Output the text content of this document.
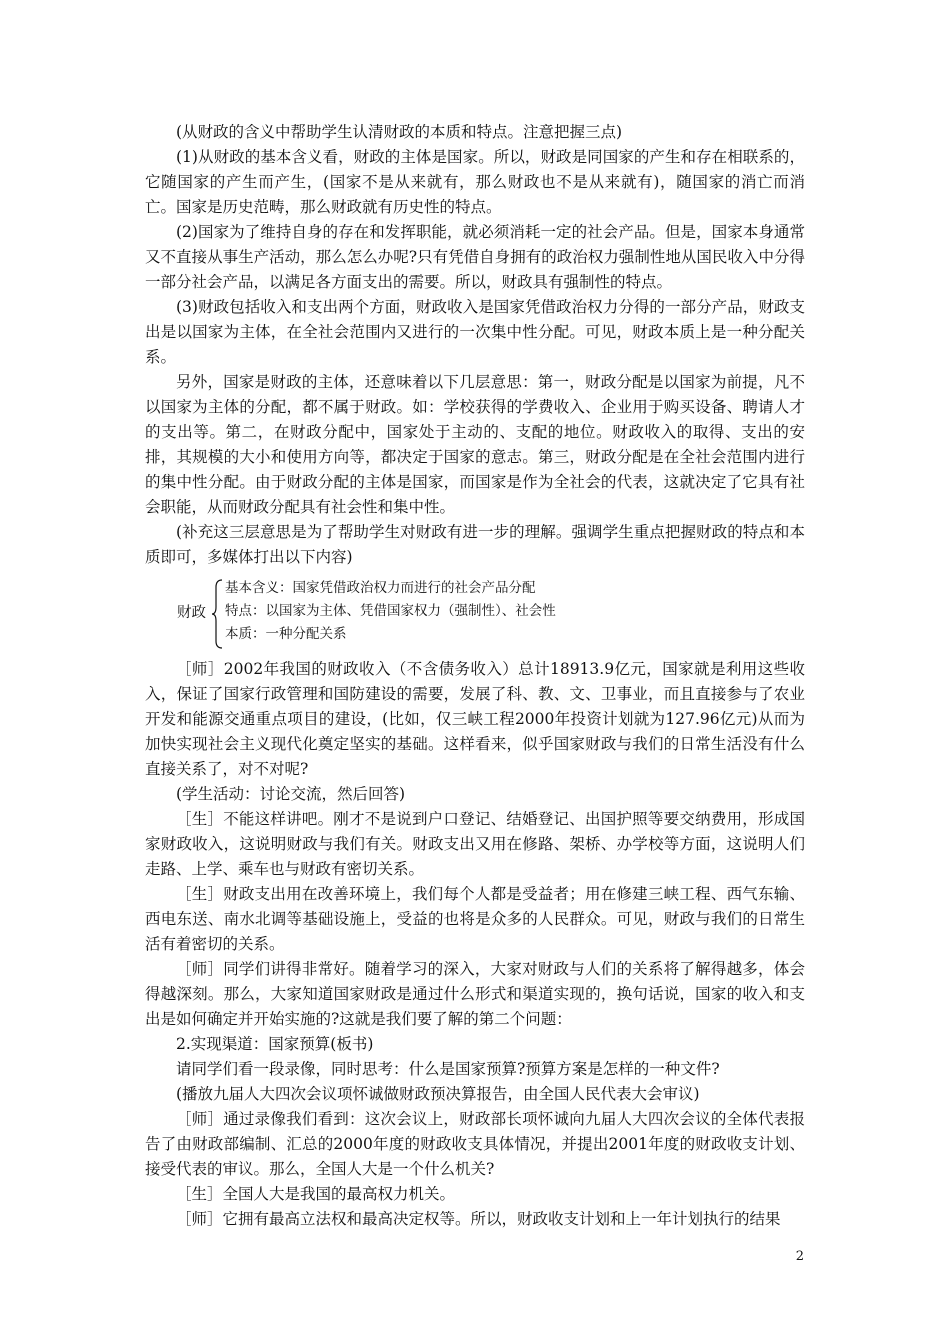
(从财政的含义中帮助学生认清财政的本质和特点。注意把握三点)

(1)从财政的基本含义看，财政的主体是国家。所以，财政是同国家的产生和存在相联系的，它随国家的产生而产生，(国家不是从来就有，那么财政也不是从来就有)，随国家的消亡而消亡。国家是历史范畴，那么财政就有历史性的特点。

(2)国家为了维持自身的存在和发挥职能，就必须消耗一定的社会产品。但是，国家本身通常又不直接从事生产活动，那么怎么办呢?只有凭借自身拥有的政治权力强制性地从国民收入中分得一部分社会产品，以满足各方面支出的需要。所以，财政具有强制性的特点。

(3)财政包括收入和支出两个方面，财政收入是国家凭借政治权力分得的一部分产品，财政支出是以国家为主体，在全社会范围内又进行的一次集中性分配。可见，财政本质上是一种分配关系。

另外，国家是财政的主体，还意味着以下几层意思：第一，财政分配是以国家为前提，凡不以国家为主体的分配，都不属于财政。如：学校获得的学费收入、企业用于购买设备、聘请人才的支出等。第二，在财政分配中，国家处于主动的、支配的地位。财政收入的取得、支出的安排，其规模的大小和使用方向等，都决定于国家的意志。第三，财政分配是在全社会范围内进行的集中性分配。由于财政分配的主体是国家，而国家是作为全社会的代表，这就决定了它具有社会职能，从而财政分配具有社会性和集中性。

(补充这三层意思是为了帮助学生对财政有进一步的理解。强调学生重点把握财政的特点和本质即可，多媒体打出以下内容)

财政
基本含义：国家凭借政治权力而进行的社会产品分配
特点：以国家为主体、凭借国家权力（强制性）、社会性
本质：一种分配关系

［师］2002年我国的财政收入（不含债务收入）总计18913.9亿元，国家就是利用这些收入，保证了国家行政管理和国防建设的需要，发展了科、教、文、卫事业，而且直接参与了农业开发和能源交通重点项目的建设，(比如，仅三峡工程2000年投资计划就为127.96亿元)从而为加快实现社会主义现代化奠定坚实的基础。这样看来，似乎国家财政与我们的日常生活没有什么直接关系了，对不对呢?

(学生活动：讨论交流，然后回答)

［生］不能这样讲吧。刚才不是说到户口登记、结婚登记、出国护照等要交纳费用，形成国家财政收入，这说明财政与我们有关。财政支出又用在修路、架桥、办学校等方面，这说明人们走路、上学、乘车也与财政有密切关系。

［生］财政支出用在改善环境上，我们每个人都是受益者；用在修建三峡工程、西气东输、西电东送、南水北调等基础设施上，受益的也将是众多的人民群众。可见，财政与我们的日常生活有着密切的关系。

［师］同学们讲得非常好。随着学习的深入，大家对财政与人们的关系将了解得越多，体会得越深刻。那么，大家知道国家财政是通过什么形式和渠道实现的，换句话说，国家的收入和支出是如何确定并开始实施的?这就是我们要了解的第二个问题：

2.实现渠道：国家预算(板书)

请同学们看一段录像，同时思考：什么是国家预算?预算方案是怎样的一种文件?

(播放九届人大四次会议项怀诚做财政预决算报告，由全国人民代表大会审议)

［师］通过录像我们看到：这次会议上，财政部长项怀诚向九届人大四次会议的全体代表报告了由财政部编制、汇总的2000年度的财政收支具体情况，并提出2001年度的财政收支计划、接受代表的审议。那么，全国人大是一个什么机关?

［生］全国人大是我国的最高权力机关。

［师］它拥有最高立法权和最高决定权等。所以，财政收支计划和上一年计划执行的结果

2
